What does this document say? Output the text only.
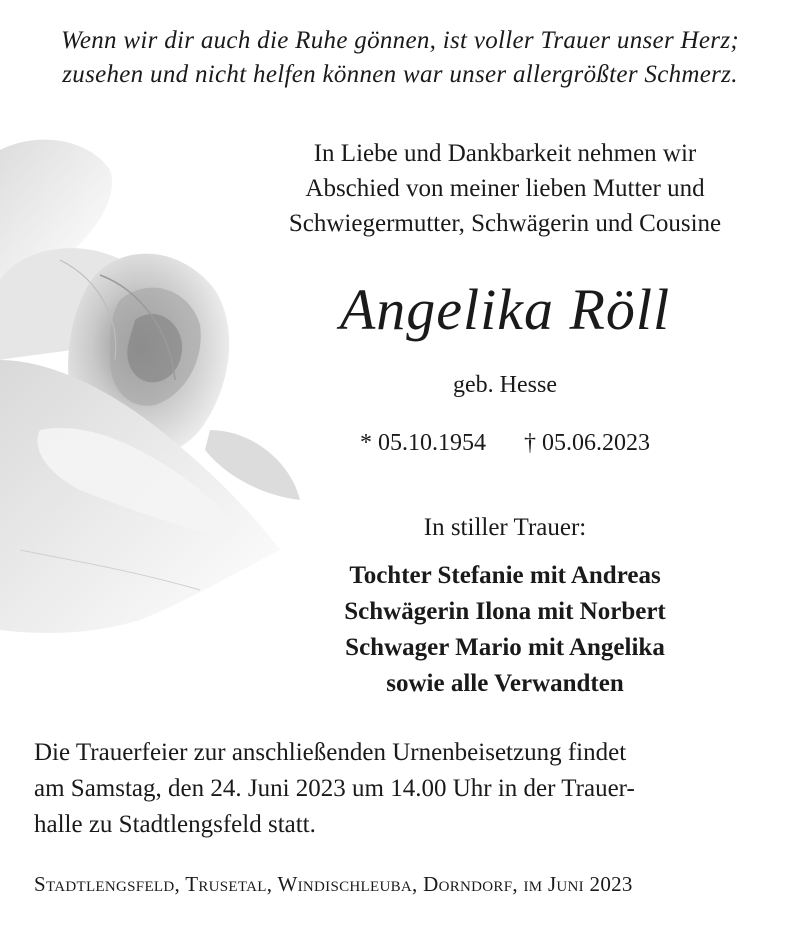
Wenn wir dir auch die Ruhe gönnen, ist voller Trauer unser Herz;
zusehen und nicht helfen können war unser allergrößter Schmerz.
In Liebe und Dankbarkeit nehmen wir
Abschied von meiner lieben Mutter und
Schwiegermutter, Schwägerin und Cousine
Angelika Röll
geb. Hesse
* 05.10.1954 † 05.06.2023
In stiller Trauer:
Tochter Stefanie mit Andreas
Schwägerin Ilona mit Norbert
Schwager Mario mit Angelika
sowie alle Verwandten
Die Trauerfeier zur anschließenden Urnenbeisetzung findet
am Samstag, den 24. Juni 2023 um 14.00 Uhr in der Trauer-
halle zu Stadtlengsfeld statt.
Stadtlengsfeld, Trusetal, Windischleuba, Dorndorf, im Juni 2023
